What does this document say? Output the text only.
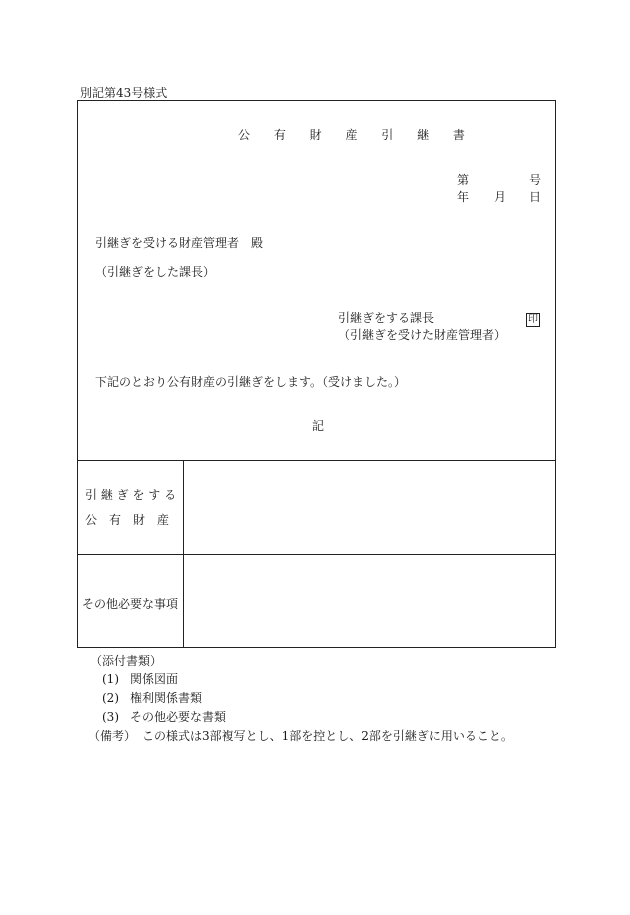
別記第43号様式
公 有 財 産 引 継 書
第	号
年 月 日
引継ぎを受ける財産管理者　殿
（引継ぎをした課長）
引継ぎをする課長	印
（引継ぎを受けた財産管理者）
下記のとおり公有財産の引継ぎをします。（受けました。）
記
引 継 ぎ を す る
公　有　財　産
その他必要な事項
（添付書類）
(1) 関係図面
(2) 権利関係書類
(3) その他必要な書類
（備考）　この様式は3部複写とし、1部を控とし、2部を引継ぎに用いること。
